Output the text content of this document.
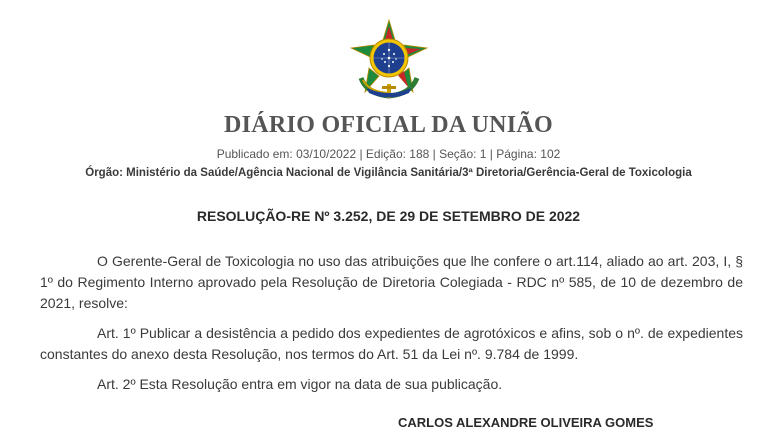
DIÁRIO OFICIAL DA UNIÃO
Publicado em: 03/10/2022 | Edição: 188 | Seção: 1 | Página: 102
Órgão: Ministério da Saúde/Agência Nacional de Vigilância Sanitária/3ª Diretoria/Gerência-Geral de Toxicologia
RESOLUÇÃO-RE Nº 3.252, DE 29 DE SETEMBRO DE 2022

O Gerente-Geral de Toxicologia no uso das atribuições que lhe confere o art.114, aliado ao art. 203, I, § 1º do Regimento Interno aprovado pela Resolução de Diretoria Colegiada - RDC nº 585, de 10 de dezembro de 2021, resolve:

Art. 1º Publicar a desistência a pedido dos expedientes de agrotóxicos e afins, sob o nº. de expedientes constantes do anexo desta Resolução, nos termos do Art. 51 da Lei nº. 9.784 de 1999.

Art. 2º Esta Resolução entra em vigor na data de sua publicação.

CARLOS ALEXANDRE OLIVEIRA GOMES
